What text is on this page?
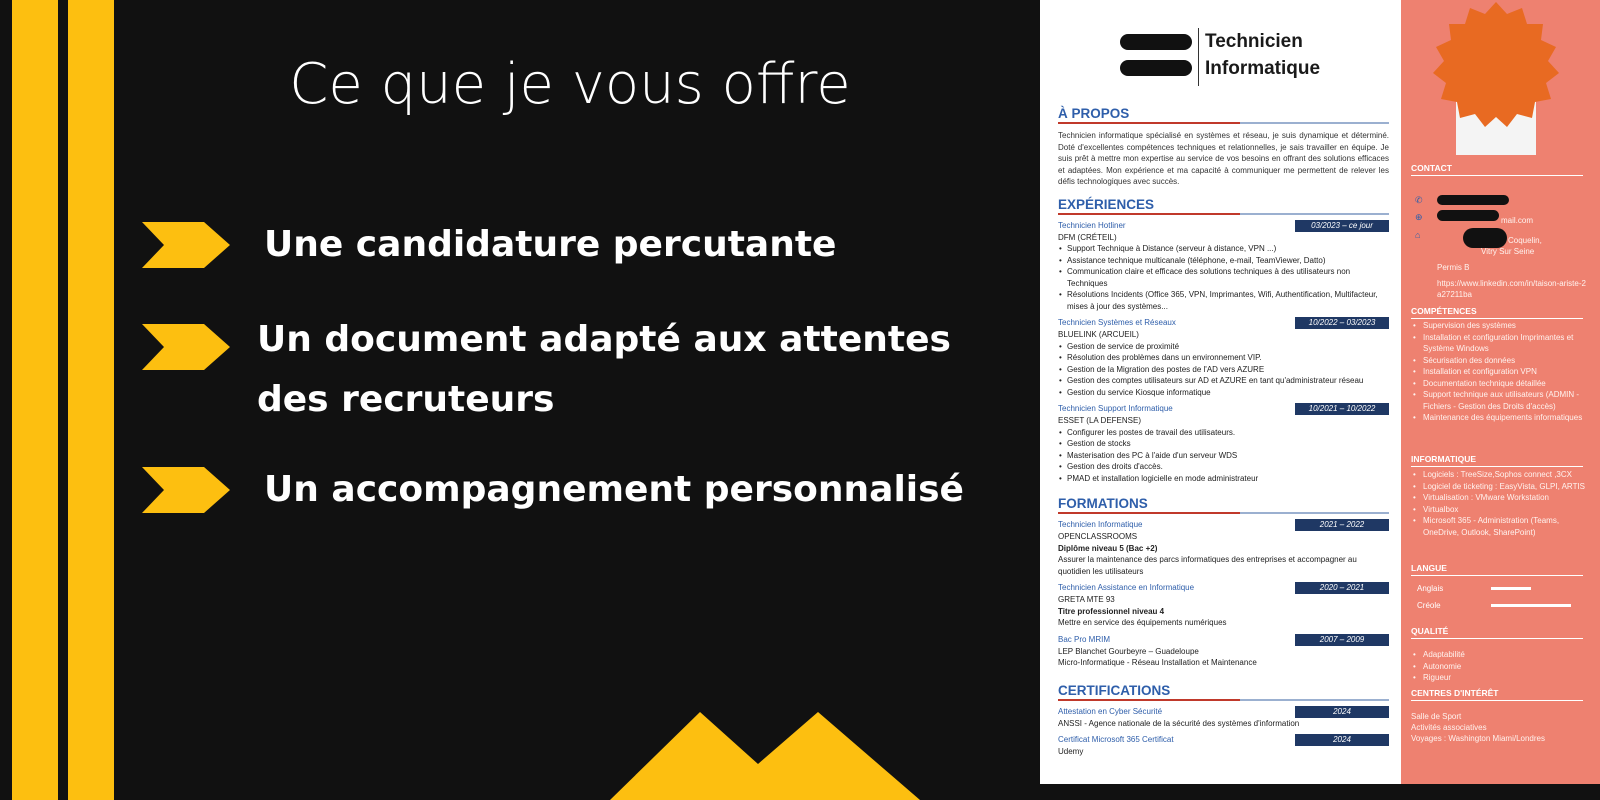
Ce que je vous offre
Une candidature percutante
Un document adapté aux attentes des recruteurs
Un accompagnement personnalisé
Technicien
Informatique
À PROPOS

Technicien informatique spécialisé en systèmes et réseau, je suis dynamique et déterminé. Doté d'excellentes compétences techniques et relationnelles, je sais travailler en équipe. Je suis prêt à mettre mon expertise au service de vos besoins en offrant des solutions efficaces et adaptées. Mon expérience et ma capacité à communiquer me permettent de relever les défis technologiques avec succès.

EXPÉRIENCES
Technicien Hotliner	03/2023 – ce jour
DFM (CRÉTEIL)
• Support Technique à Distance (serveur à distance, VPN ...)
• Assistance technique multicanale (téléphone, e-mail, TeamViewer, Datto)
• Communication claire et efficace des solutions techniques à des utilisateurs non Techniques
• Résolutions Incidents (Office 365, VPN, Imprimantes, Wifi, Authentification, Multifacteur, mises à jour des systèmes...
Technicien Systèmes et Réseaux	10/2022 – 03/2023
BLUELINK (ARCUEIL)
• Gestion de service de proximité
• Résolution des problèmes dans un environnement VIP.
• Gestion de la Migration des postes de l'AD vers AZURE
• Gestion des comptes utilisateurs sur AD et AZURE en tant qu'administrateur réseau
• Gestion du service Kiosque informatique
Technicien Support Informatique	10/2021 – 10/2022
ESSET (LA DEFENSE)
• Configurer les postes de travail des utilisateurs.
• Gestion de stocks
• Masterisation des PC à l'aide d'un serveur WDS
• Gestion des droits d'accès.
• PMAD et installation logicielle en mode administrateur
FORMATIONS
Technicien Informatique	2021 – 2022
OPENCLASSROOMS
Diplôme niveau 5 (Bac +2)
Assurer la maintenance des parcs informatiques des entreprises et accompagner au quotidien les utilisateurs
Technicien Assistance en Informatique	2020 – 2021
GRETA MTE 93
Titre professionnel niveau 4
Mettre en service des équipements numériques
Bac Pro MRIM	2007 – 2009
LEP Blanchet Gourbeyre – Guadeloupe
Micro-Informatique - Réseau Installation et Maintenance
CERTIFICATIONS
Attestation en Cyber Sécurité	2024
ANSSI - Agence nationale de la sécurité des systèmes d'information
Certificat Microsoft 365 Certificat	2024
Udemy
CONTACT
✆
⊕	mail.com
⌂
Coquelin,
Vitry Sur Seine
Permis B
https://www.linkedin.com/in/taison-ariste-2a27211ba
COMPÉTENCES
• Supervision des systèmes
• Installation et configuration Imprimantes et Système Windows
• Sécurisation des données
• Installation et configuration VPN
• Documentation technique détaillée
• Support technique aux utilisateurs (ADMIN - Fichiers - Gestion des Droits d'accès)
• Maintenance des équipements informatiques
INFORMATIQUE
• Logiciels : TreeSize,Sophos connect ,3CX
• Logiciel de ticketing : EasyVista, GLPI, ARTIS
• Virtualisation : VMware Workstation
• Virtualbox
• Microsoft 365 - Administration (Teams, OneDrive, Outlook, SharePoint)
LANGUE
Anglais
Créole
QUALITÉ
• Adaptabilité
• Autonomie
• Rigueur
CENTRES D'INTÉRÊT
Salle de Sport
Activités associatives
Voyages : Washington Miami/Londres
